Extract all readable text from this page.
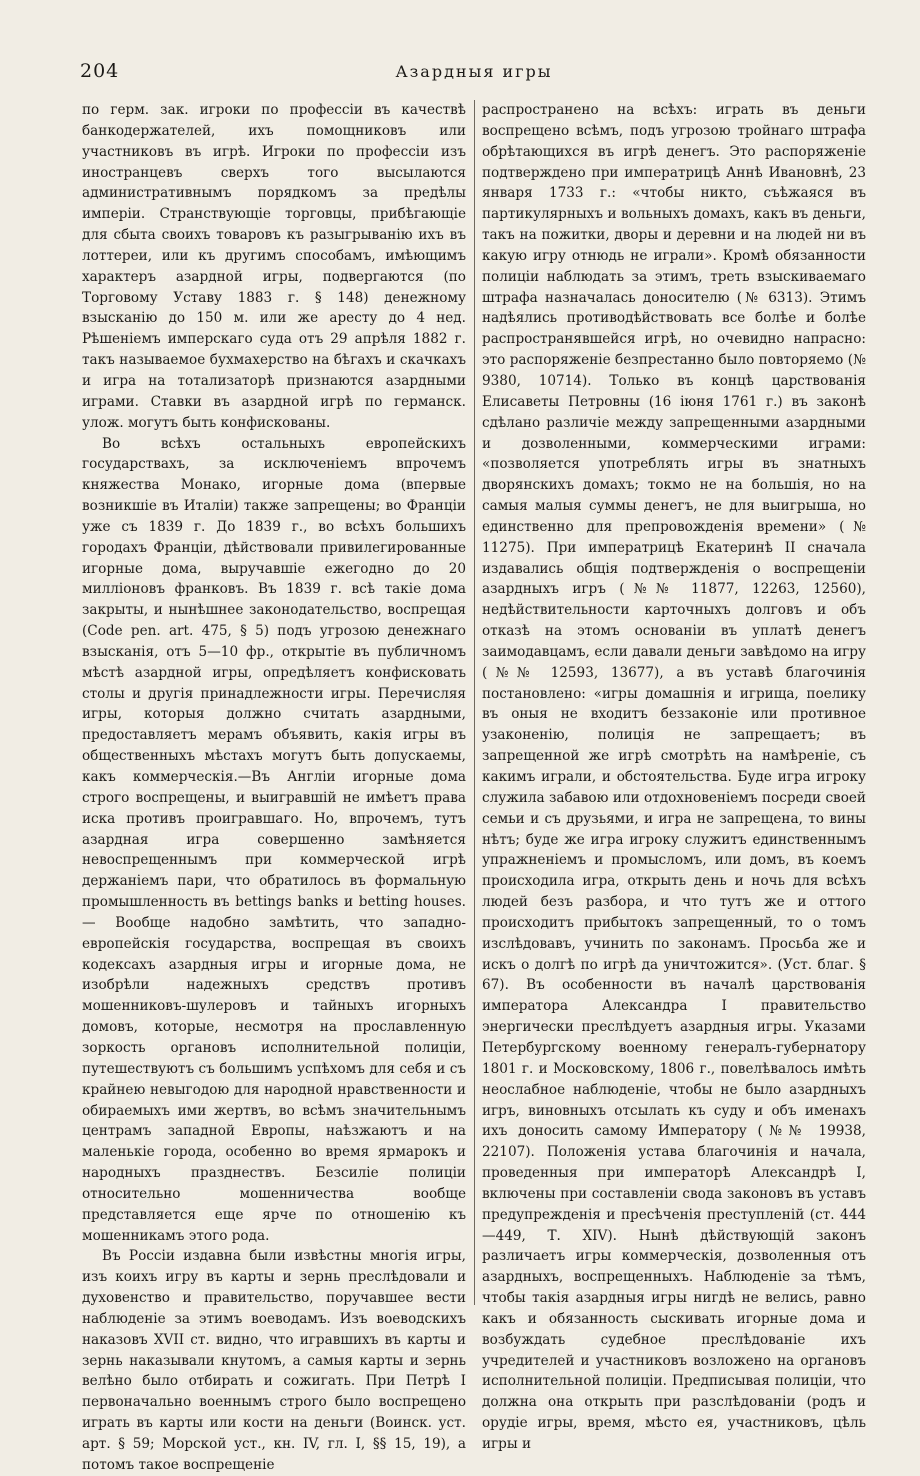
204	Азардныя игры

по герм. зак. игроки по профессіи въ качествѣ банкодержателей, ихъ помощниковъ или участниковъ въ игрѣ. Игроки по профессіи изъ иностранцевъ сверхъ того высылаются административнымъ порядкомъ за предѣлы имперіи. Странствующіе торговцы, прибѣгающіе для сбыта своихъ товаровъ къ разыгрыванію ихъ въ лоттереи, или къ другимъ способамъ, имѣющимъ характеръ азардной игры, подвергаются (по Торговому Уставу 1883 г. § 148) денежному взысканію до 150 м. или же аресту до 4 нед. Рѣшеніемъ имперскаго суда отъ 29 апрѣля 1882 г. такъ называемое бухмахерство на бѣгахъ и скачкахъ и игра на тотализаторѣ признаются азардными играми. Ставки въ азардной игрѣ по германск. улож. могутъ быть конфискованы.

Во всѣхъ остальныхъ европейскихъ государствахъ, за исключеніемъ впрочемъ княжества Монако, игорные дома (впервые возникшіе въ Италіи) также запрещены; во Франціи уже съ 1839 г. До 1839 г., во всѣхъ большихъ городахъ Франціи, дѣйствовали привилегированные игорные дома, выручавшіе ежегодно до 20 милліоновъ франковъ. Въ 1839 г. всѣ такіе дома закрыты, и нынѣшнее законодательство, воспрещая (Code pen. art. 475, § 5) подъ угрозою денежнаго взысканія, отъ 5—10 фр., открытіе въ публичномъ мѣстѣ азардной игры, опредѣляетъ конфисковать столы и другія принадлежности игры. Перечисляя игры, которыя должно считать азардными, предоставляетъ мерамъ объявить, какія игры въ общественныхъ мѣстахъ могутъ быть допускаемы, какъ коммерческія.—Въ Англіи игорные дома строго воспрещены, и выигравшій не имѣетъ права иска противъ проигравшаго. Но, впрочемъ, тутъ азардная игра совершенно замѣняется невоспрещеннымъ при коммерческой игрѣ держаніемъ пари, что обратилось въ формальную промышленность въ bettings banks и betting houses.— Вообще надобно замѣтить, что западно-европейскія государства, воспрещая въ своихъ кодексахъ азардныя игры и игорные дома, не изобрѣли надежныхъ средствъ противъ мошенниковъ-шулеровъ и тайныхъ игорныхъ домовъ, которые, несмотря на прославленную зоркость органовъ исполнительной полиціи, путешествуютъ съ большимъ успѣхомъ для себя и съ крайнею невыгодою для народной нравственности и обираемыхъ ими жертвъ, во всѣмъ значительнымъ центрамъ западной Европы, наѣзжаютъ и на маленькіе города, особенно во время ярмарокъ и народныхъ празднествъ. Безсиліе полиціи относительно мошенничества вообще представляется еще ярче по отношенію къ мошенникамъ этого рода.

Въ Россіи издавна были извѣстны многія игры, изъ коихъ игру въ карты и зернь преслѣдовали и духовенство и правительство, поручавшее вести наблюденіе за этимъ воеводамъ. Изъ воеводскихъ наказовъ XVII ст. видно, что игравшихъ въ карты и зернь наказывали кнутомъ, а самыя карты и зернь велѣно было отбирать и сожигать. При Петрѣ I первоначально военнымъ строго было воспрещено играть въ карты или кости на деньги (Воинск. уст. арт. § 59; Морской уст., кн. IV, гл. I, §§ 15, 19), а потомъ такое воспрещеніе

распространено на всѣхъ: играть въ деньги воспрещено всѣмъ, подъ угрозою тройнаго штрафа обрѣтающихся въ игрѣ денегъ. Это распоряженіе подтверждено при императрицѣ Аннѣ Ивановнѣ, 23 января 1733 г.: «чтобы никто, съѣжаяся въ партикулярныхъ и вольныхъ домахъ, какъ въ деньги, такъ на пожитки, дворы и деревни и на людей ни въ какую игру отнюдь не играли». Кромѣ обязанности полиціи наблюдать за этимъ, треть взыскиваемаго штрафа назначалась доносителю (№ 6313). Этимъ надѣялись противодѣйствовать все болѣе и болѣе распространявшейся игрѣ, но очевидно напрасно: это распоряженіе безпрестанно было повторяемо (№ 9380, 10714). Только въ концѣ царствованія Елисаветы Петровны (16 іюня 1761 г.) въ законѣ сдѣлано различіе между запрещенными азардными и дозволенными, коммерческими играми: «позволяется употреблять игры въ знатныхъ дворянскихъ домахъ; токмо не на большія, но на самыя малыя суммы денегъ, не для выигрыша, но единственно для препровожденія времени» (№ 11275). При императрицѣ Екатеринѣ II сначала издавались общія подтвержденія о воспрещеніи азардныхъ игръ (№№ 11877, 12263, 12560), недѣйствительности карточныхъ долговъ и объ отказѣ на этомъ основаніи въ уплатѣ денегъ заимодавцамъ, если давали деньги завѣдомо на игру (№№ 12593, 13677), а въ уставѣ благочинія постановлено: «игры домашнія и игрища, поелику въ оныя не входитъ беззаконіе или противное узаконенію, полиція не запрещаетъ; въ запрещенной же игрѣ смотрѣть на намѣреніе, съ какимъ играли, и обстоятельства. Буде игра игроку служила забавою или отдохновеніемъ посреди своей семьи и съ друзьями, и игра не запрещена, то вины нѣтъ; буде же игра игроку служитъ единственнымъ упражненіемъ и промысломъ, или домъ, въ коемъ происходила игра, открыть день и ночь для всѣхъ людей безъ разбора, и что тутъ же и оттого происходитъ прибытокъ запрещенный, то о томъ изслѣдовавъ, учинить по законамъ. Просьба же и искъ о долгѣ по игрѣ да уничтожится». (Уст. благ. § 67). Въ особенности въ началѣ царствованія императора Александра I правительство энергически преслѣдуетъ азардныя игры. Указами Петербургскому военному генералъ-губернатору 1801 г. и Московскому, 1806 г., повелѣвалось имѣть неослабное наблюденіе, чтобы не было азардныхъ игръ, виновныхъ отсылать къ суду и объ именахъ ихъ доносить самому Императору (№№ 19938, 22107). Положенія устава благочинія и начала, проведенныя при императорѣ Александрѣ I, включены при составленіи свода законовъ въ уставъ предупрежденія и пресѣченія преступленій (ст. 444—449, Т. XIV). Нынѣ дѣйствующій законъ различаетъ игры коммерческія, дозволенныя отъ азардныхъ, воспрещенныхъ. Наблюденіе за тѣмъ, чтобы такія азардныя игры нигдѣ не велись, равно какъ и обязанность сыскивать игорные дома и возбуждать судебное преслѣдованіе ихъ учредителей и участниковъ возложено на органовъ исполнительной полиціи. Предписывая полиціи, что должна она открыть при разслѣдованіи (родъ и орудіе игры, время, мѣсто ея, участниковъ, цѣль игры и
